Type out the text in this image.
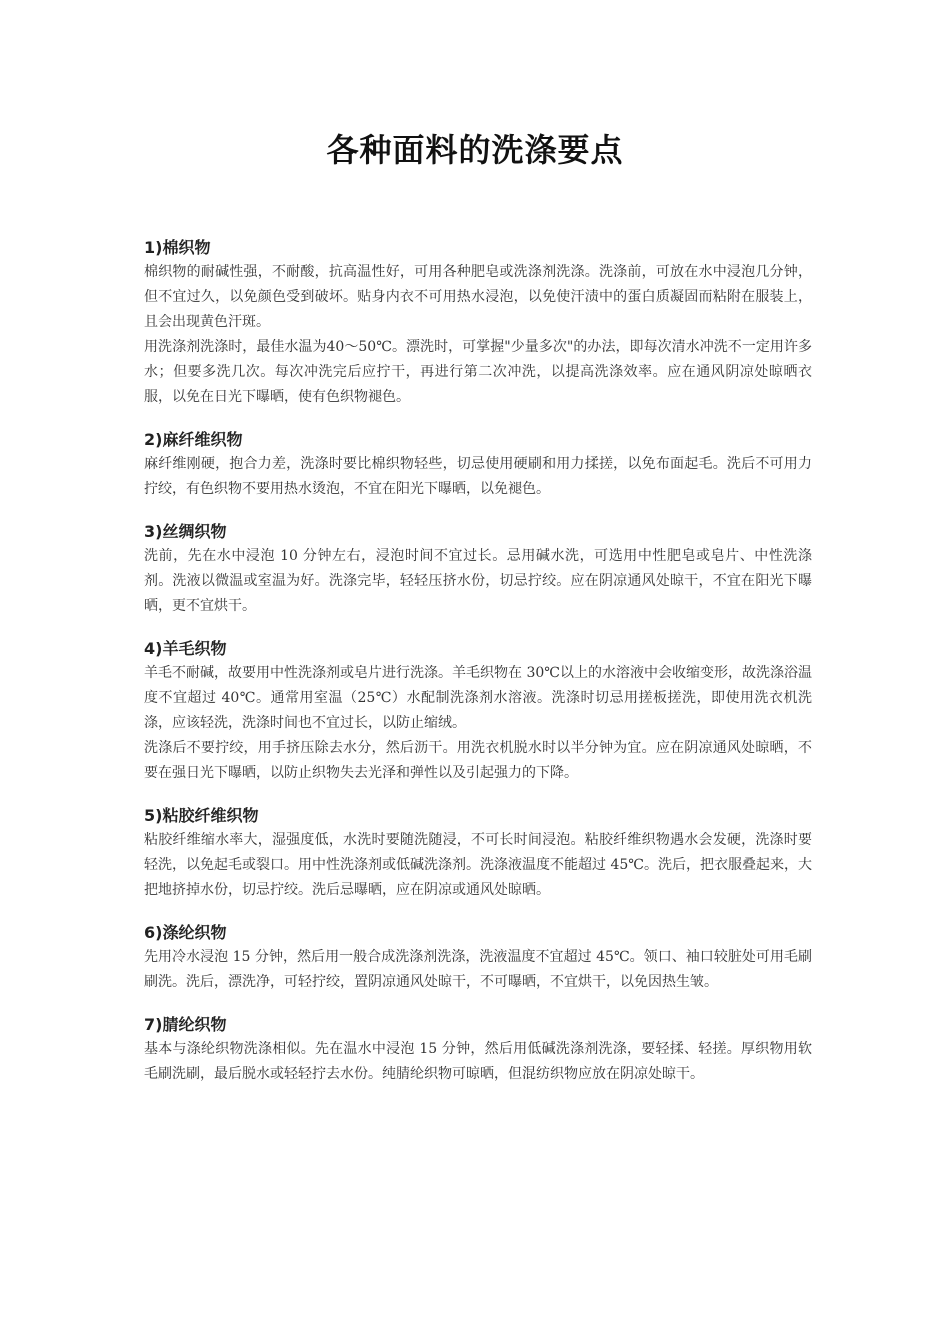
各种面料的洗涤要点
1)棉织物

棉织物的耐碱性强，不耐酸，抗高温性好，可用各种肥皂或洗涤剂洗涤。洗涤前，可放在水中浸泡几分钟，但不宜过久，以免颜色受到破坏。贴身内衣不可用热水浸泡，以免使汗渍中的蛋白质凝固而粘附在服装上，且会出现黄色汗斑。

用洗涤剂洗涤时，最佳水温为40～50℃。漂洗时，可掌握"少量多次"的办法，即每次清水冲洗不一定用许多水；但要多洗几次。每次冲洗完后应拧干，再进行第二次冲洗，以提高洗涤效率。应在通风阴凉处晾晒衣服，以免在日光下曝晒，使有色织物褪色。

2)麻纤维织物

麻纤维刚硬，抱合力差，洗涤时要比棉织物轻些，切忌使用硬刷和用力揉搓，以免布面起毛。洗后不可用力拧绞，有色织物不要用热水烫泡，不宜在阳光下曝晒，以免褪色。

3)丝绸织物

洗前，先在水中浸泡 10 分钟左右，浸泡时间不宜过长。忌用碱水洗，可选用中性肥皂或皂片、中性洗涤剂。洗液以微温或室温为好。洗涤完毕，轻轻压挤水份，切忌拧绞。应在阴凉通风处晾干，不宜在阳光下曝晒，更不宜烘干。

4)羊毛织物

羊毛不耐碱，故要用中性洗涤剂或皂片进行洗涤。羊毛织物在 30℃以上的水溶液中会收缩变形，故洗涤浴温度不宜超过 40℃。通常用室温（25℃）水配制洗涤剂水溶液。洗涤时切忌用搓板搓洗，即使用洗衣机洗涤，应该轻洗，洗涤时间也不宜过长，以防止缩绒。

洗涤后不要拧绞，用手挤压除去水分，然后沥干。用洗衣机脱水时以半分钟为宜。应在阴凉通风处晾晒，不要在强日光下曝晒，以防止织物失去光泽和弹性以及引起强力的下降。

5)粘胶纤维织物

粘胶纤维缩水率大，湿强度低，水洗时要随洗随浸，不可长时间浸泡。粘胶纤维织物遇水会发硬，洗涤时要轻洗，以免起毛或裂口。用中性洗涤剂或低碱洗涤剂。洗涤液温度不能超过 45℃。洗后，把衣服叠起来，大把地挤掉水份，切忌拧绞。洗后忌曝晒，应在阴凉或通风处晾晒。

6)涤纶织物

先用冷水浸泡 15 分钟，然后用一般合成洗涤剂洗涤，洗液温度不宜超过 45℃。领口、袖口较脏处可用毛刷刷洗。洗后，漂洗净，可轻拧绞，置阴凉通风处晾干，不可曝晒，不宜烘干，以免因热生皱。

7)腈纶织物

基本与涤纶织物洗涤相似。先在温水中浸泡 15 分钟，然后用低碱洗涤剂洗涤，要轻揉、轻搓。厚织物用软毛刷洗刷，最后脱水或轻轻拧去水份。纯腈纶织物可晾晒，但混纺织物应放在阴凉处晾干。
